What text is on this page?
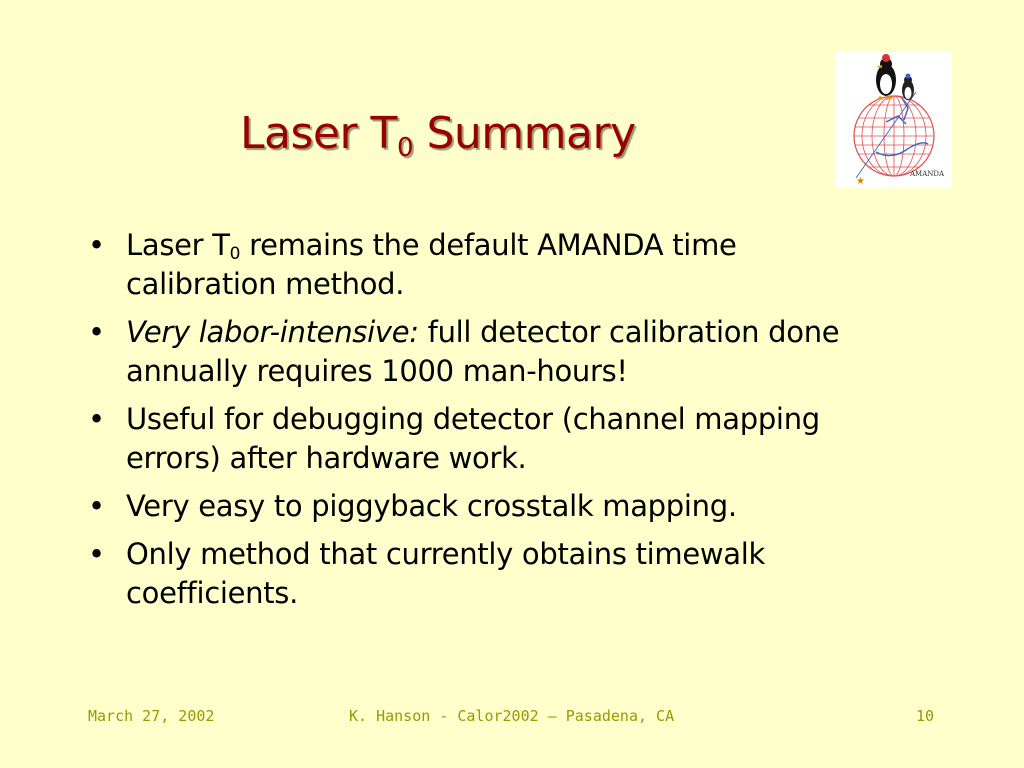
Laser $T_0$ Summary
★
AMANDA
• Laser $T_0$ remains the default AMANDA time calibration method.
• Very labor-intensive: full detector calibration done annually requires 1000 man-hours!
• Useful for debugging detector (channel mapping errors) after hardware work.
• Very easy to piggyback crosstalk mapping.
• Only method that currently obtains timewalk coefficients.
March 27, 2002	K. Hanson - Calor2002 – Pasadena, CA	10
